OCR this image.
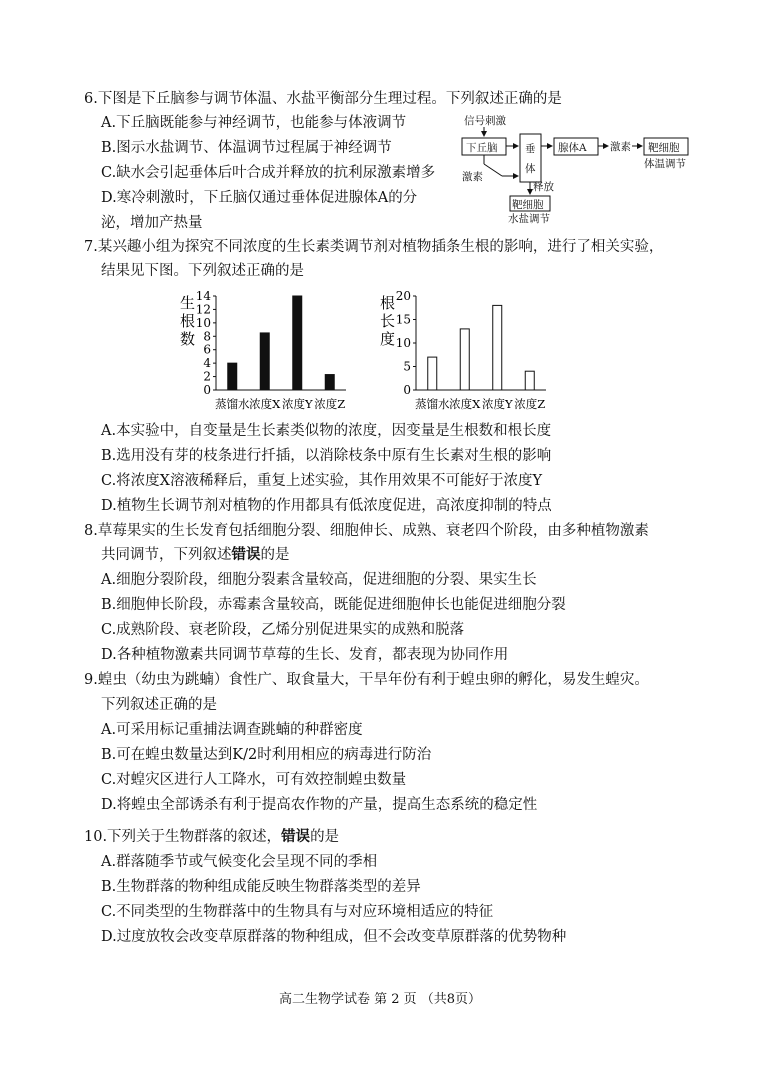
6.下图是下丘脑参与调节体温、水盐平衡部分生理过程。下列叙述正确的是
A.下丘脑既能参与神经调节，也能参与体液调节
B.图示水盐调节、体温调节过程属于神经调节
C.缺水会引起垂体后叶合成并释放的抗利尿激素增多
D.寒冷刺激时，下丘脑仅通过垂体促进腺体A的分
泌，增加产热量
信号刺激
下丘脑	垂
体
腺体A 激素 靶细胞
体温调节
激素
释放
靶细胞
水盐调节
7.某兴趣小组为探究不同浓度的生长素类调节剂对植物插条生根的影响，进行了相关实验，
结果见下图。下列叙述正确的是
生
根
数
0
2
4
6
8
10
12
14
蒸馏水 浓度X 浓度Y 浓度Z
根
长
度
0
5
10
15
20
蒸馏水 浓度X 浓度Y 浓度Z
A.本实验中，自变量是生长素类似物的浓度，因变量是生根数和根长度
B.选用没有芽的枝条进行扦插，以消除枝条中原有生长素对生根的影响
C.将浓度X溶液稀释后，重复上述实验，其作用效果不可能好于浓度Y
D.植物生长调节剂对植物的作用都具有低浓度促进，高浓度抑制的特点
8.草莓果实的生长发育包括细胞分裂、细胞伸长、成熟、衰老四个阶段，由多种植物激素
共同调节，下列叙述错误的是
A.细胞分裂阶段，细胞分裂素含量较高，促进细胞的分裂、果实生长
B.细胞伸长阶段，赤霉素含量较高，既能促进细胞伸长也能促进细胞分裂
C.成熟阶段、衰老阶段，乙烯分别促进果实的成熟和脱落
D.各种植物激素共同调节草莓的生长、发育，都表现为协同作用
9.蝗虫（幼虫为跳蝻）食性广、取食量大，干旱年份有利于蝗虫卵的孵化，易发生蝗灾。
下列叙述正确的是
A.可采用标记重捕法调查跳蝻的种群密度
B.可在蝗虫数量达到K/2时利用相应的病毒进行防治
C.对蝗灾区进行人工降水，可有效控制蝗虫数量
D.将蝗虫全部诱杀有利于提高农作物的产量，提高生态系统的稳定性
10.下列关于生物群落的叙述，错误的是
A.群落随季节或气候变化会呈现不同的季相
B.生物群落的物种组成能反映生物群落类型的差异
C.不同类型的生物群落中的生物具有与对应环境相适应的特征
D.过度放牧会改变草原群落的物种组成，但不会改变草原群落的优势物种
高二生物学试卷 第 2 页 （共8页）
